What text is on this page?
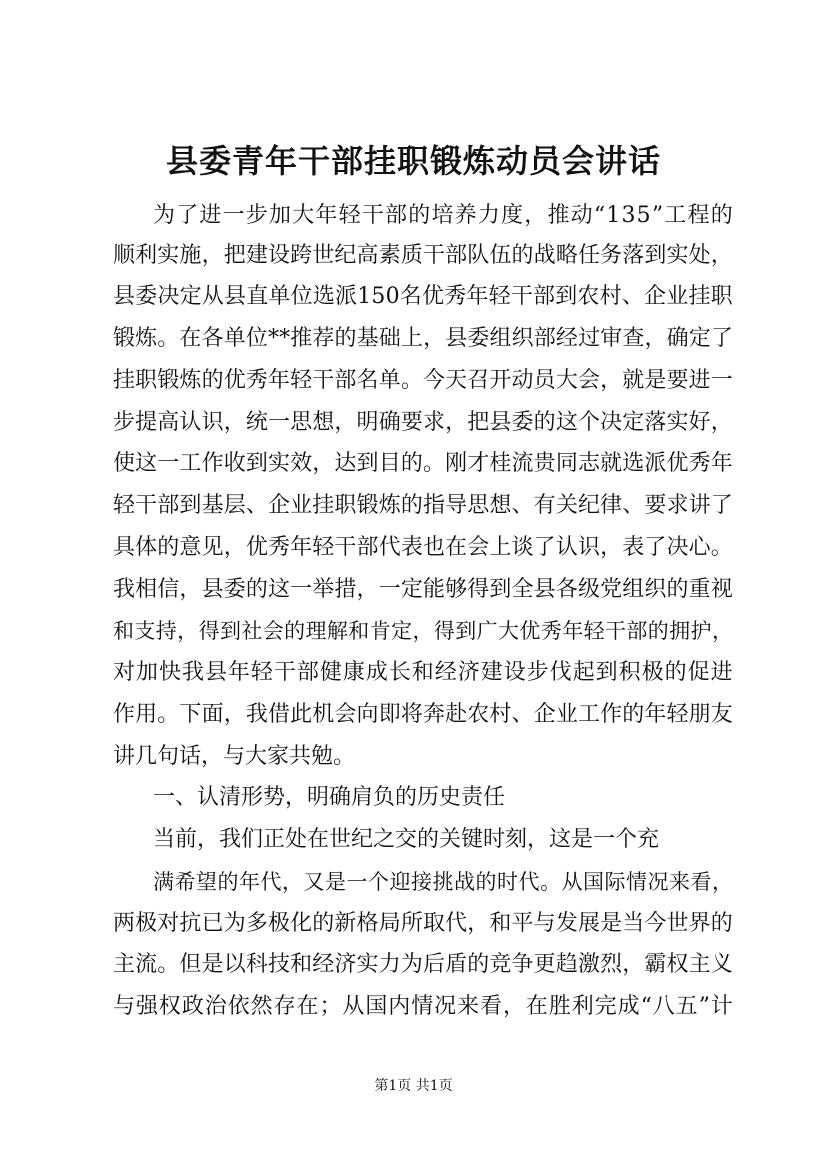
县委青年干部挂职锻炼动员会讲话
为 了 进 一 步 加 大 年 轻 干 部 的 培 养 力 度 ， 推 动 “ 1 3 5 ” 工 程 的
顺 利 实 施 ， 把 建 设 跨 世 纪 高 素 质 干 部 队 伍 的 战 略 任 务 落 到 实 处 ，
县 委 决 定 从 县 直 单 位 选 派 1 5 0 名 优 秀 年 轻 干 部 到 农 村 、 企 业 挂 职
锻 炼 。 在 各 单 位 * * 推 荐 的 基 础 上 ， 县 委 组 织 部 经 过 审 查 ， 确 定 了
挂 职 锻 炼 的 优 秀 年 轻 干 部 名 单 。 今 天 召 开 动 员 大 会 ， 就 是 要 进 一
步 提 高 认 识 ， 统 一 思 想 ， 明 确 要 求 ， 把 县 委 的 这 个 决 定 落 实 好 ，
使 这 一 工 作 收 到 实 效 ， 达 到 目 的 。 刚 才 桂 流 贵 同 志 就 选 派 优 秀 年
轻 干 部 到 基 层 、 企 业 挂 职 锻 炼 的 指 导 思 想 、 有 关 纪 律 、 要 求 讲 了
具 体 的 意 见 ， 优 秀 年 轻 干 部 代 表 也 在 会 上 谈 了 认 识 ， 表 了 决 心 。
我 相 信 ， 县 委 的 这 一 举 措 ， 一 定 能 够 得 到 全 县 各 级 党 组 织 的 重 视
和 支 持 ， 得 到 社 会 的 理 解 和 肯 定 ， 得 到 广 大 优 秀 年 轻 干 部 的 拥 护 ，
对 加 快 我 县 年 轻 干 部 健 康 成 长 和 经 济 建 设 步 伐 起 到 积 极 的 促 进
作 用 。 下 面 ， 我 借 此 机 会 向 即 将 奔 赴 农 村 、 企 业 工 作 的 年 轻 朋 友
讲几句话，与大家共勉。
一、认清形势，明确肩负的历史责任
当前，我们正处在世纪之交的关键时刻，这是一个充
满 希 望 的 年 代 ， 又 是 一 个 迎 接 挑 战 的 时 代 。 从 国 际 情 况 来 看 ，
两 极 对 抗 已 为 多 极 化 的 新 格 局 所 取 代 ， 和 平 与 发 展 是 当 今 世 界 的
主 流 。 但 是 以 科 技 和 经 济 实 力 为 后 盾 的 竞 争 更 趋 激 烈 ， 霸 权 主 义
与 强 权 政 治 依 然 存 在 ； 从 国 内 情 况 来 看 ， 在 胜 利 完 成 “ 八 五 ” 计
第1页 共1页
